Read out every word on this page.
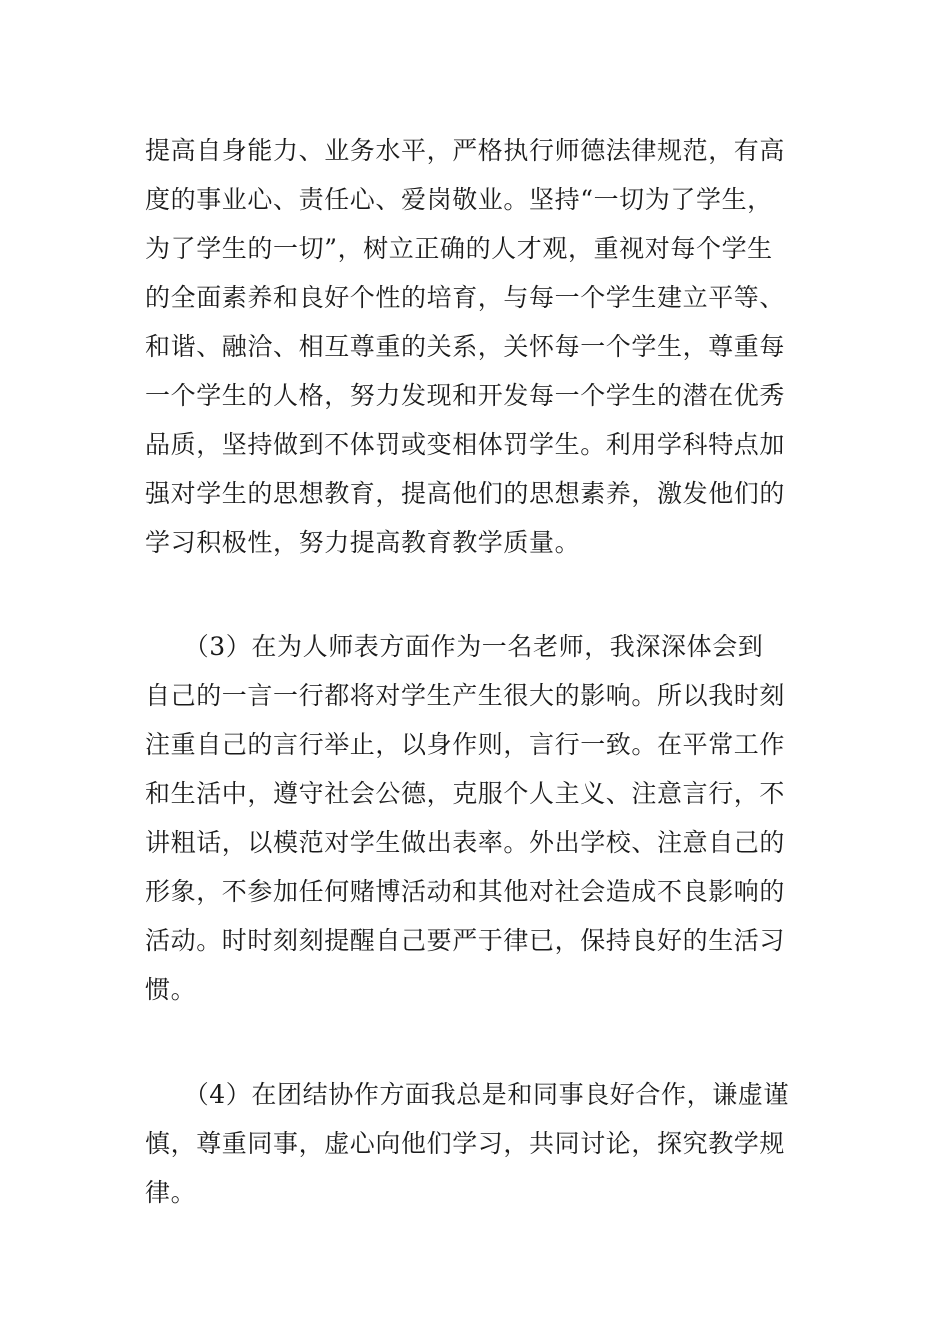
提高自身能力、业务水平，严格执行师德法律规范，有高
度的事业心、责任心、爱岗敬业。坚持“一切为了学生，
为了学生的一切”，树立正确的人才观，重视对每个学生
的全面素养和良好个性的培育，与每一个学生建立平等、
和谐、融洽、相互尊重的关系，关怀每一个学生，尊重每
一个学生的人格，努力发现和开发每一个学生的潜在优秀
品质，坚持做到不体罚或变相体罚学生。利用学科特点加
强对学生的思想教育，提高他们的思想素养，激发他们的
学习积极性，努力提高教育教学质量。
　　（3）在为人师表方面作为一名老师，我深深体会到
自己的一言一行都将对学生产生很大的影响。所以我时刻
注重自己的言行举止，以身作则，言行一致。在平常工作
和生活中，遵守社会公德，克服个人主义、注意言行，不
讲粗话，以模范对学生做出表率。外出学校、注意自己的
形象，不参加任何赌博活动和其他对社会造成不良影响的
活动。时时刻刻提醒自己要严于律已，保持良好的生活习
惯。
　　（4）在团结协作方面我总是和同事良好合作，谦虚谨
慎，尊重同事，虚心向他们学习，共同讨论，探究教学规
律。
